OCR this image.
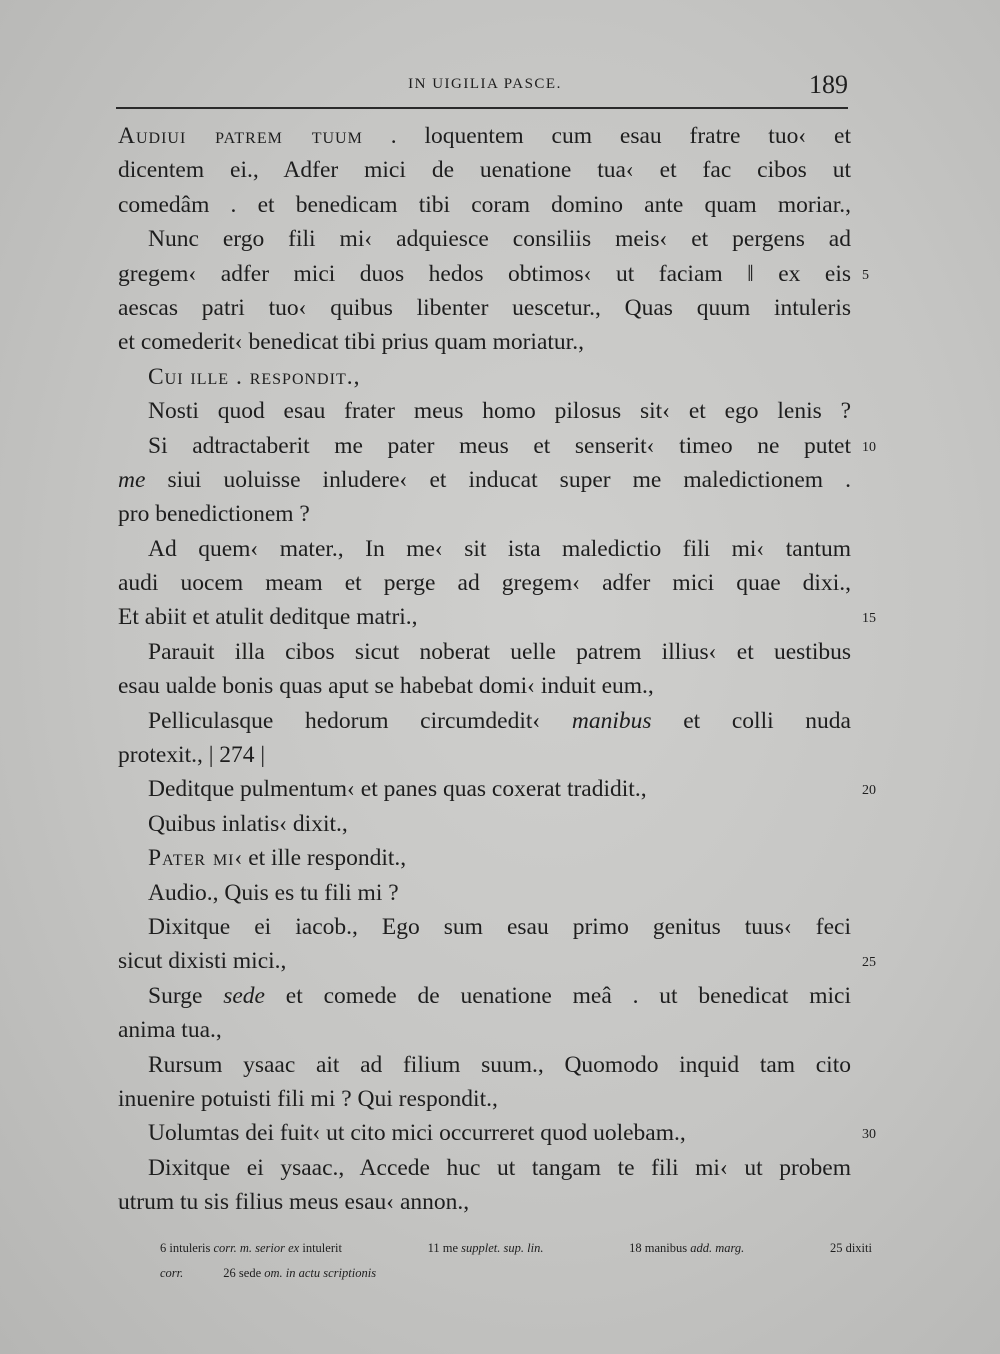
IN UIGILIA PASCE.	189
Audiui patrem tuum . loquentem cum esau fratre tuo‹ et
dicentem ei., Adfer mici de uenatione tua‹ et fac cibos ut
comedâm . et benedicam tibi coram domino ante quam moriar.,
Nunc ergo fili mi‹ adquiesce consiliis meis‹ et pergens ad
gregem‹ adfer mici duos hedos obtimos‹ ut faciam ‖ ex eis 5
aescas patri tuo‹ quibus libenter uescetur., Quas quum intuleris
et comederit‹ benedicat tibi prius quam moriatur.,
Cui ille . respondit.,
Nosti quod esau frater meus homo pilosus sit‹ et ego lenis ?
Si adtractaberit me pater meus et senserit‹ timeo ne putet 10
me siui uoluisse inludere‹ et inducat super me maledictionem .
pro benedictionem ?
Ad quem‹ mater., In me‹ sit ista maledictio fili mi‹ tantum
audi uocem meam et perge ad gregem‹ adfer mici quae dixi.,
Et abiit et atulit deditque matri.,	15
Parauit illa cibos sicut noberat uelle patrem illius‹ et uestibus
esau ualde bonis quas aput se habebat domi‹ induit eum.,
Pelliculasque hedorum circumdedit‹ manibus et colli nuda
protexit., | 274 |
Deditque pulmentum‹ et panes quas coxerat tradidit.,	20
Quibus inlatis‹ dixit.,
Pater mi‹ et ille respondit.,
Audio., Quis es tu fili mi ?
Dixitque ei iacob., Ego sum esau primo genitus tuus‹ feci
sicut dixisti mici.,	25
Surge sede et comede de uenatione meâ . ut benedicat mici
anima tua.,
Rursum ysaac ait ad filium suum., Quomodo inquid tam cito
inuenire potuisti fili mi ? Qui respondit.,
Uolumtas dei fuit‹ ut cito mici occurreret quod uolebam.,	30
Dixitque ei ysaac., Accede huc ut tangam te fili mi‹ ut probem
utrum tu sis filius meus esau‹ annon.,
6 intuleris corr. m. serior ex intulerit	11 me supplet. sup. lin.	18 manibus add. marg.	25 dixiti
corr.	26 sede om. in actu scriptionis
